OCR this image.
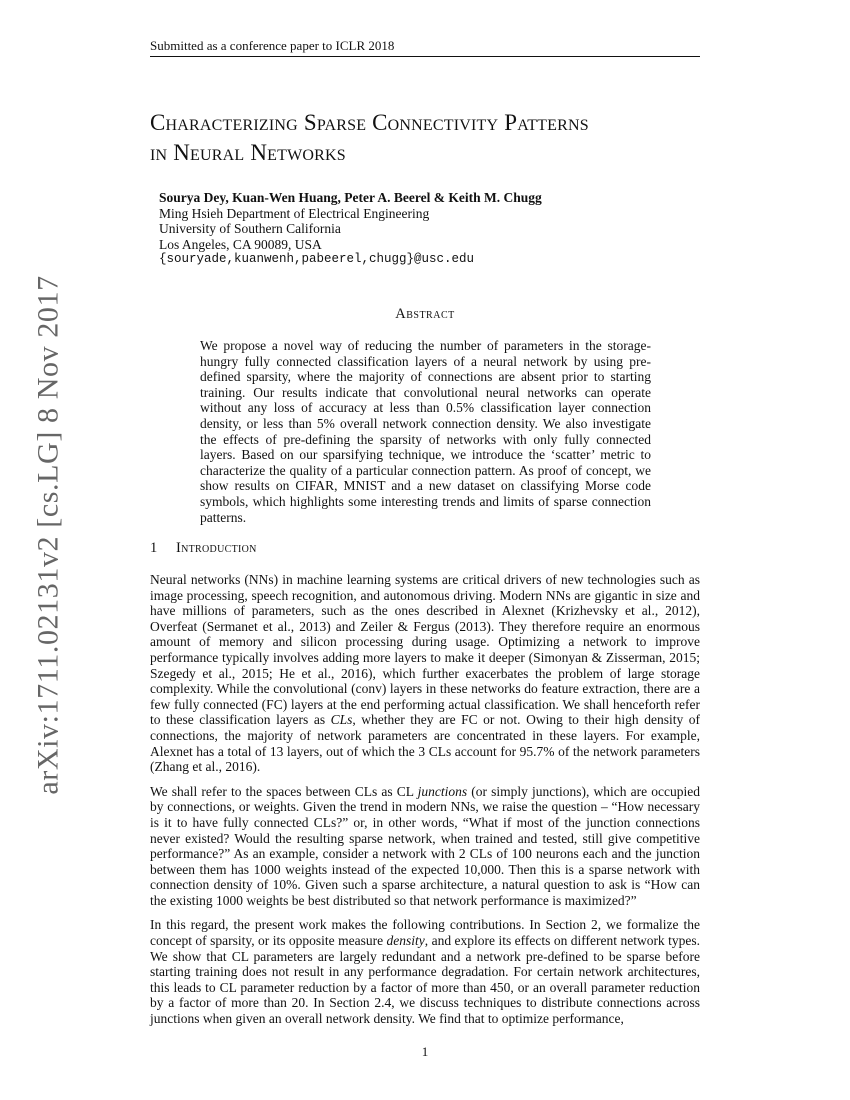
Submitted as a conference paper to ICLR 2018
arXiv:1711.02131v2 [cs.LG] 8 Nov 2017
Characterizing Sparse Connectivity Patterns
in Neural Networks
Sourya Dey, Kuan-Wen Huang, Peter A. Beerel & Keith M. Chugg
Ming Hsieh Department of Electrical Engineering
University of Southern California
Los Angeles, CA 90089, USA
{souryade,kuanwenh,pabeerel,chugg}@usc.edu
Abstract
We propose a novel way of reducing the number of parameters in the storage-hungry fully connected classification layers of a neural network by using pre-defined sparsity, where the majority of connections are absent prior to starting training. Our results indicate that convolutional neural networks can operate without any loss of accuracy at less than 0.5% classification layer connection density, or less than 5% overall network connection density. We also investigate the effects of pre-defining the sparsity of networks with only fully connected layers. Based on our sparsifying technique, we introduce the ‘scatter’ metric to characterize the quality of a particular connection pattern. As proof of concept, we show results on CIFAR, MNIST and a new dataset on classifying Morse code symbols, which highlights some interesting trends and limits of sparse connection patterns.
1 Introduction

Neural networks (NNs) in machine learning systems are critical drivers of new technologies such as image processing, speech recognition, and autonomous driving. Modern NNs are gigantic in size and have millions of parameters, such as the ones described in Alexnet (Krizhevsky et al., 2012), Overfeat (Sermanet et al., 2013) and Zeiler & Fergus (2013). They therefore require an enormous amount of memory and silicon processing during usage. Optimizing a network to improve performance typically involves adding more layers to make it deeper (Simonyan & Zisserman, 2015; Szegedy et al., 2015; He et al., 2016), which further exacerbates the problem of large storage complexity. While the convolutional (conv) layers in these networks do feature extraction, there are a few fully connected (FC) layers at the end performing actual classification. We shall henceforth refer to these classification layers as CLs, whether they are FC or not. Owing to their high density of connections, the majority of network parameters are concentrated in these layers. For example, Alexnet has a total of 13 layers, out of which the 3 CLs account for 95.7% of the network parameters (Zhang et al., 2016).

We shall refer to the spaces between CLs as CL junctions (or simply junctions), which are occupied by connections, or weights. Given the trend in modern NNs, we raise the question – “How necessary is it to have fully connected CLs?” or, in other words, “What if most of the junction connections never existed? Would the resulting sparse network, when trained and tested, still give competitive performance?” As an example, consider a network with 2 CLs of 100 neurons each and the junction between them has 1000 weights instead of the expected 10,000. Then this is a sparse network with connection density of 10%. Given such a sparse architecture, a natural question to ask is “How can the existing 1000 weights be best distributed so that network performance is maximized?”

In this regard, the present work makes the following contributions. In Section 2, we formalize the concept of sparsity, or its opposite measure density, and explore its effects on different network types. We show that CL parameters are largely redundant and a network pre-defined to be sparse before starting training does not result in any performance degradation. For certain network architectures, this leads to CL parameter reduction by a factor of more than 450, or an overall parameter reduction by a factor of more than 20. In Section 2.4, we discuss techniques to distribute connections across junctions when given an overall network density. We find that to optimize performance,

1
